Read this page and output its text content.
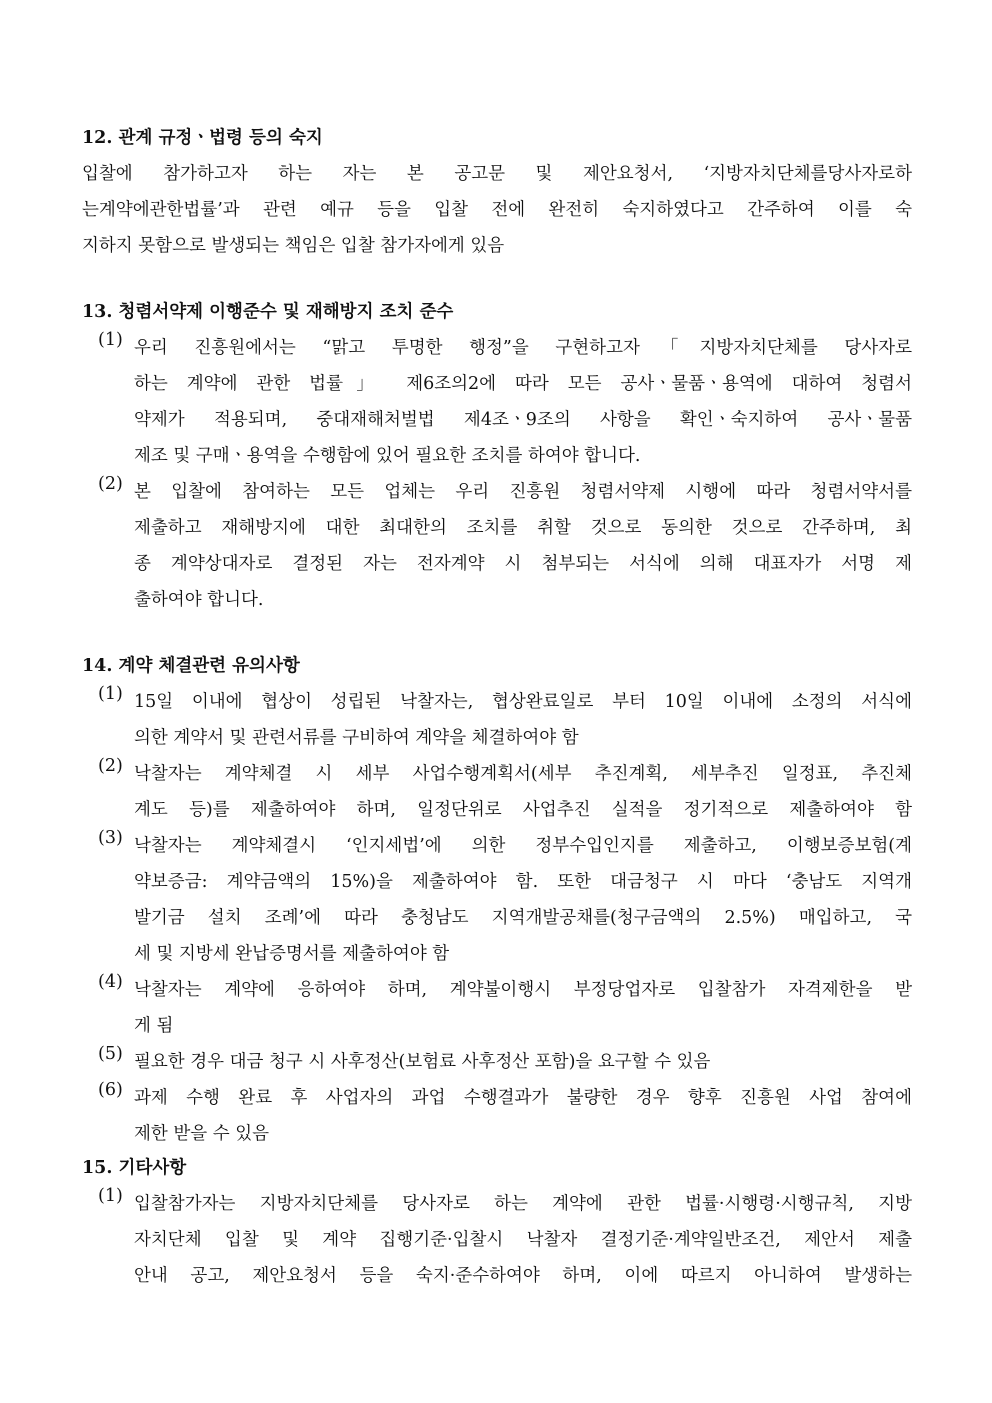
12. 관계 규정ㆍ법령 등의 숙지
입찰에 참가하고자 하는 자는 본 공고문 및 제안요청서, ‘지방자치단체를당사자로하
는계약에관한법률’과 관련 예규 등을 입찰 전에 완전히 숙지하였다고 간주하여 이를 숙
지하지 못함으로 발생되는 책임은 입찰 참가자에게 있음
13. 청렴서약제 이행준수 및 재해방지 조치 준수
(1) 우리 진흥원에서는 “맑고 투명한 행정”을 구현하고자「지방자치단체를 당사자로
하는 계약에 관한 법률」 제6조의2에 따라 모든 공사ㆍ물품ㆍ용역에 대하여 청렴서
약제가 적용되며, 중대재해처벌법 제4조ㆍ9조의 사항을 확인ㆍ숙지하여 공사ㆍ물품
제조 및 구매ㆍ용역을 수행함에 있어 필요한 조치를 하여야 합니다.
(2) 본 입찰에 참여하는 모든 업체는 우리 진흥원 청렴서약제 시행에 따라 청렴서약서를
제출하고 재해방지에 대한 최대한의 조치를 취할 것으로 동의한 것으로 간주하며, 최
종 계약상대자로 결정된 자는 전자계약 시 첨부되는 서식에 의해 대표자가 서명 제
출하여야 합니다.
14. 계약 체결관련 유의사항
(1) 15일 이내에 협상이 성립된 낙찰자는, 협상완료일로 부터 10일 이내에 소정의 서식에
의한 계약서 및 관련서류를 구비하여 계약을 체결하여야 함
(2) 낙찰자는 계약체결 시 세부 사업수행계획서(세부 추진계획, 세부추진 일정표, 추진체
계도 등)를 제출하여야 하며, 일정단위로 사업추진 실적을 정기적으로 제출하여야 함
(3) 낙찰자는 계약체결시 ‘인지세법’에 의한 정부수입인지를 제출하고, 이행보증보험(계
약보증금: 계약금액의 15%)을 제출하여야 함. 또한 대금청구 시 마다 ‘충남도 지역개
발기금 설치 조례’에 따라 충청남도 지역개발공채를(청구금액의 2.5%) 매입하고, 국
세 및 지방세 완납증명서를 제출하여야 함
(4) 낙찰자는 계약에 응하여야 하며, 계약불이행시 부정당업자로 입찰참가 자격제한을 받
게 됨
(5) 필요한 경우 대금 청구 시 사후정산(보험료 사후정산 포함)을 요구할 수 있음
(6) 과제 수행 완료 후 사업자의 과업 수행결과가 불량한 경우 향후 진흥원 사업 참여에
제한 받을 수 있음
15. 기타사항
(1) 입찰참가자는 지방자치단체를 당사자로 하는 계약에 관한 법률·시행령·시행규칙, 지방
자치단체 입찰 및 계약 집행기준·입찰시 낙찰자 결정기준·계약일반조건, 제안서 제출
안내 공고, 제안요청서 등을 숙지·준수하여야 하며, 이에 따르지 아니하여 발생하는
